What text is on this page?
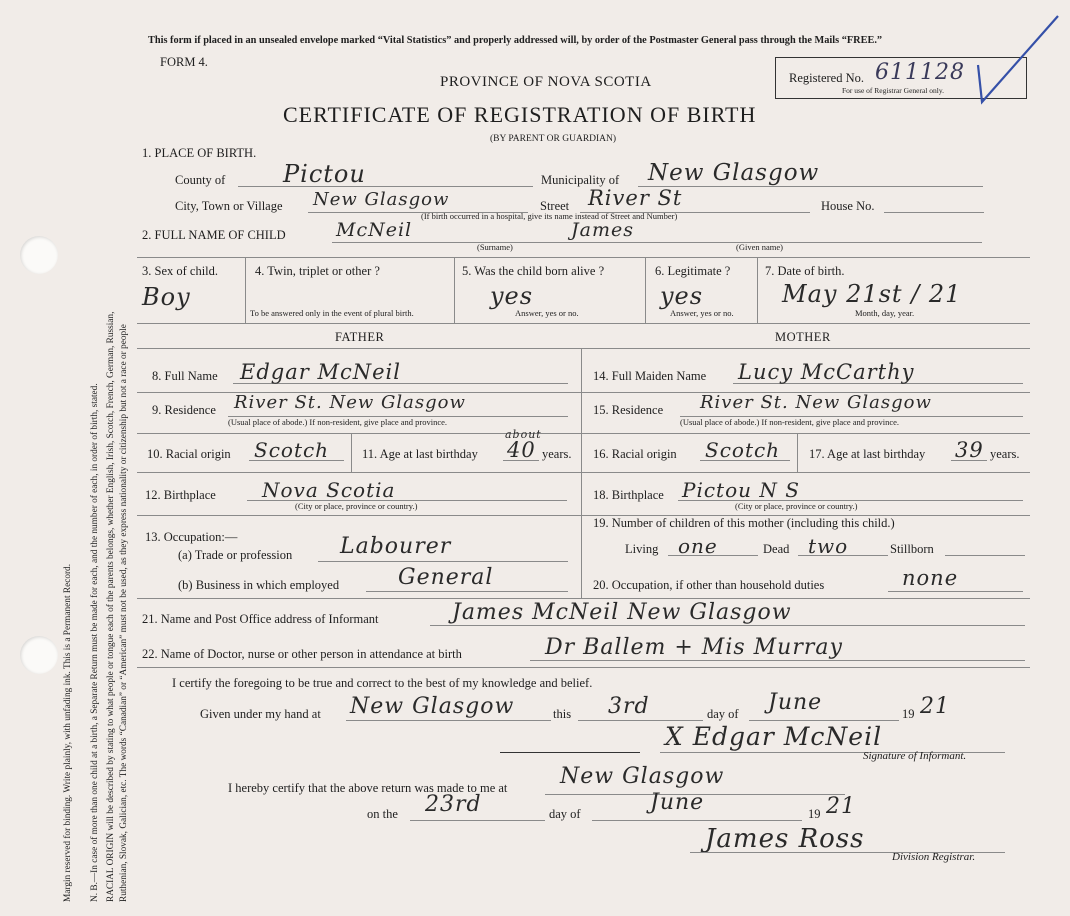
Margin reserved for binding. Write plainly, with unfading ink. This is a Permanent Record. N. B.—In case of more than one child at a birth, a Separate Return must be made for each, and the number of each, in order of birth, stated. RACIAL ORIGIN will be described by stating to what people or tongue each of the parents belongs, whether English, Irish, Scotch, French, German, Russian, Ruthenian, Slovak, Galician, etc. The words “Canadian” or “American” must not be used, as they express nationality or citizenship but not a race or people
This form if placed in an unsealed envelope marked “Vital Statistics” and properly addressed will, by order of the Postmaster General pass through the Mails “FREE.”
FORM 4.
PROVINCE OF NOVA SCOTIA
CERTIFICATE OF REGISTRATION OF BIRTH
(BY PARENT OR GUARDIAN)
Registered No. 611128
For use of Registrar General only.
1. PLACE OF BIRTH.
County of Pictou	Municipality of New Glasgow
City, Town or Village New Glasgow	Street River St	House No.
(If birth occurred in a hospital, give its name instead of Street and Number)
2. FULL NAME OF CHILD	McNeil	James
(Surname)	(Given name)
3. Sex of child.
Boy
4. Twin, triplet or other ?
To be answered only in the event of plural birth.
5. Was the child born alive ?
yes
Answer, yes or no.
6. Legitimate ?
yes
Answer, yes or no.
7. Date of birth.
May 21st / 21
Month, day, year.
FATHER	MOTHER
8. Full Name Edgar McNeil
9. Residence River St. New Glasgow
(Usual place of abode.) If non-resident, give place and province.
10. Racial origin Scotch	11. Age at last birthday
about
40 years.
12. Birthplace Nova Scotia
(City or place, province or country.)
13. Occupation:—
(a) Trade or profession Labourer
(b) Business in which employed	General
14. Full Maiden Name Lucy McCarthy
15. Residence River St. New Glasgow
(Usual place of abode.) If non-resident, give place and province.
16. Racial origin Scotch 17. Age at last birthday 39 years.
18. Birthplace Pictou N S
(City or place, province or country.)
19. Number of children of this mother (including this child.)
Living one	Dead two	Stillborn
20. Occupation, if other than household duties	none
21. Name and Post Office address of Informant	James McNeil New Glasgow
22. Name of Doctor, nurse or other person in attendance at birth	Dr Ballem + Mis Murray
I certify the foregoing to be true and correct to the best of my knowledge and belief.
Given under my hand at New Glasgow	this 3rd	day of June	19 21
X Edgar McNeil
Signature of Informant.
I hereby certify that the above return was made to me at New Glasgow
on the 23rd	day of	June	19 21
James Ross
Division Registrar.
